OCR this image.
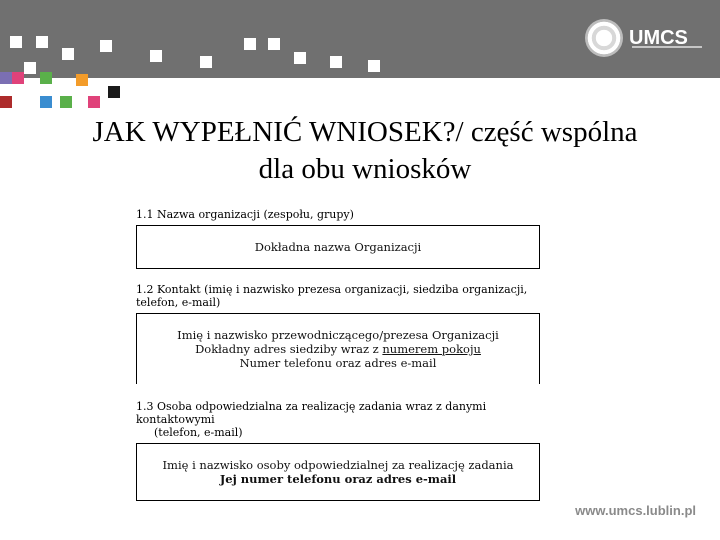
UMCS
JAK WYPEŁNIĆ WNIOSEK?/ część wspólna
dla obu wniosków

1.1 Nazwa organizacji (zespołu, grupy)

Dokładna nazwa Organizacji

1.2 Kontakt (imię i nazwisko prezesa organizacji, siedziba organizacji, telefon, e-mail)

Imię i nazwisko przewodniczącego/prezesa Organizacji
Dokładny adres siedziby wraz z numerem pokoju
Numer telefonu oraz adres e-mail

1.3 Osoba odpowiedzialna za realizację zadania wraz z danymi kontaktowymi

(telefon, e-mail)

Imię i nazwisko osoby odpowiedzialnej za realizację zadania
Jej numer telefonu oraz adres e-mail
www.umcs.lublin.pl
